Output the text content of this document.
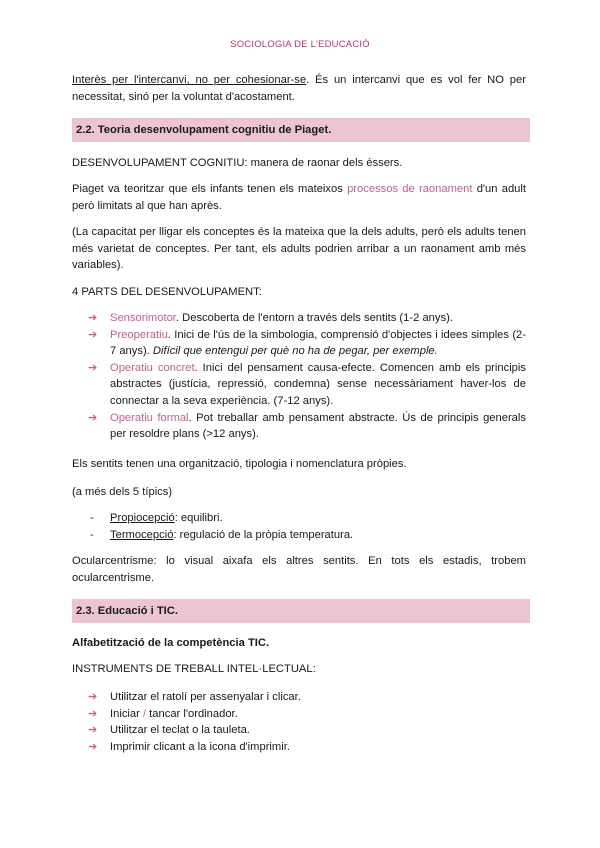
SOCIOLOGIA DE L'EDUCACIÓ

Interès per l'intercanvi, no per cohesionar-se. És un intercanvi que es vol fer NO per necessitat, sinó per la voluntat d'acostament.

2.2. Teoria desenvolupament cognitiu de Piaget.

DESENVOLUPAMENT COGNITIU: manera de raonar dels éssers.

Piaget va teoritzar que els infants tenen els mateixos processos de raonament d'un adult però limitats al que han après.

(La capacitat per lligar els conceptes és la mateixa que la dels adults, però els adults tenen més varietat de conceptes. Per tant, els adults podrien arribar a un raonament amb més variables).

4 PARTS DEL DESENVOLUPAMENT:

➔ Sensorimotor. Descoberta de l'entorn a través dels sentits (1-2 anys).
➔ Preoperatiu. Inici de l'ús de la simbologia, comprensió d'objectes i idees simples (2-7 anys). Difícil que entengui per què no ha de pegar, per exemple.
➔ Operatiu concret. Inici del pensament causa-efecte. Comencen amb els principis abstractes (justícia, repressió, condemna) sense necessàriament haver-los de connectar a la seva experiència. (7-12 anys).
➔ Operatiu formal. Pot treballar amb pensament abstracte. Ús de principis generals per resoldre plans (>12 anys).

Els sentits tenen una organització, tipologia i nomenclatura pròpies.

(a més dels 5 típics)

- Propiocepció: equilibri.
- Termocepció: regulació de la pròpia temperatura.

Ocularcentrisme: lo visual aixafa els altres sentits. En tots els estadis, trobem ocularcentrisme.

2.3. Educació i TIC.

Alfabetització de la competència TIC.

INSTRUMENTS DE TREBALL INTEL·LECTUAL:

➔ Utilitzar el ratolí per assenyalar i clicar.
➔ Iniciar / tancar l'ordinador.
➔ Utilitzar el teclat o la tauleta.
➔ Imprimir clicant a la icona d'imprimir.
